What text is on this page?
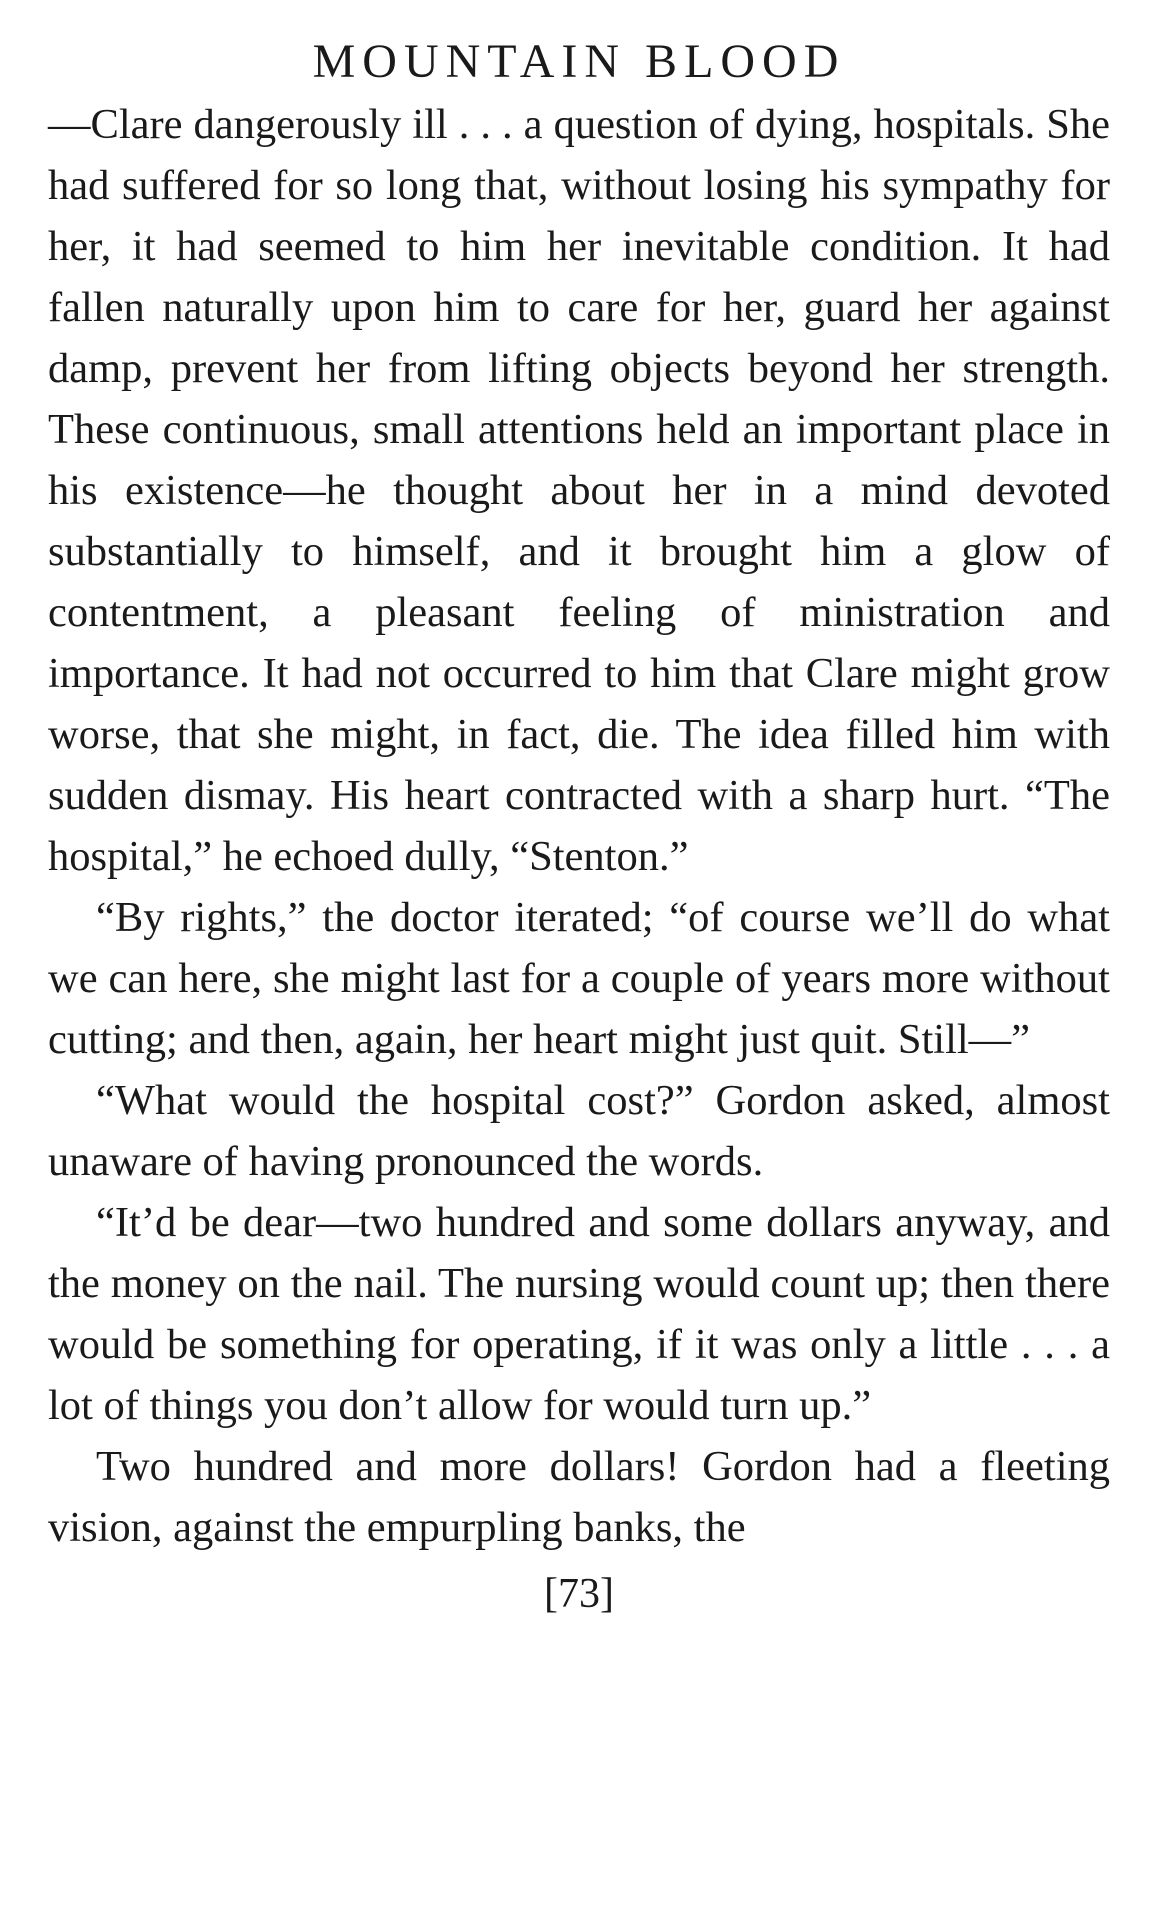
MOUNTAIN BLOOD

—Clare dangerously ill . . . a question of dying, hospitals. She had suffered for so long that, without losing his sympathy for her, it had seemed to him her inevitable condition. It had fallen naturally upon him to care for her, guard her against damp, prevent her from lifting objects beyond her strength. These continuous, small attentions held an important place in his existence—he thought about her in a mind devoted substantially to himself, and it brought him a glow of contentment, a pleasant feeling of ministration and importance. It had not occurred to him that Clare might grow worse, that she might, in fact, die. The idea filled him with sudden dismay. His heart contracted with a sharp hurt. “The hospital,” he echoed dully, “Stenton.”

“By rights,” the doctor iterated; “of course we’ll do what we can here, she might last for a couple of years more without cutting; and then, again, her heart might just quit. Still—”

“What would the hospital cost?” Gordon asked, almost unaware of having pronounced the words.

“It’d be dear—two hundred and some dollars anyway, and the money on the nail. The nursing would count up; then there would be something for operating, if it was only a little . . . a lot of things you don’t allow for would turn up.”

Two hundred and more dollars! Gordon had a fleeting vision, against the empurpling banks, the

[73]
